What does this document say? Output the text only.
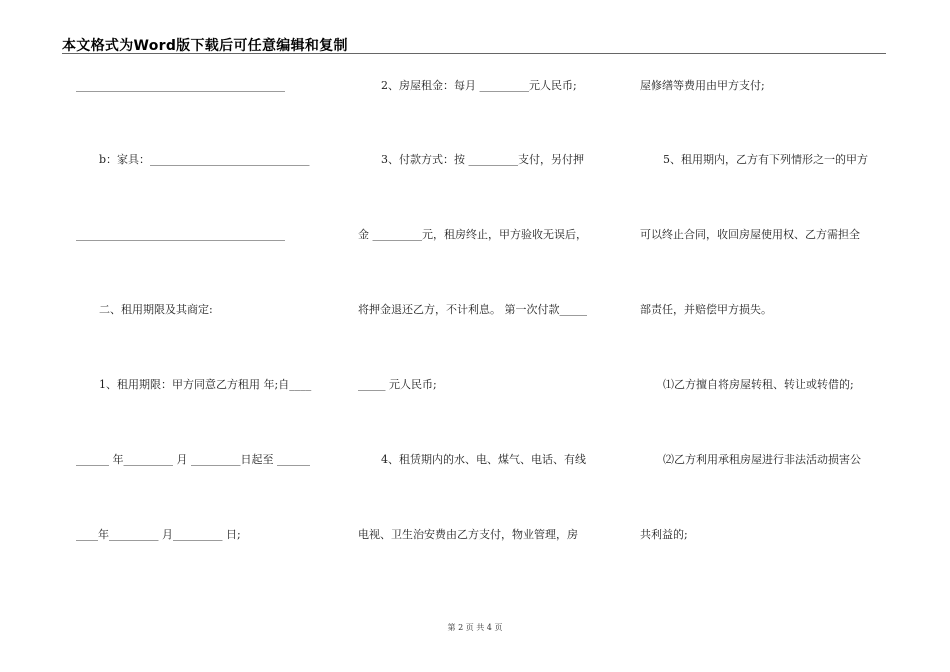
本文格式为Word版下载后可任意编辑和复制
______________________________________
b：家具：_____________________________
______________________________________
二、租用期限及其商定:
1、租用期限：甲方同意乙方租用 年;自____
______ 年_________ 月 _________日起至 ______
____年_________ 月_________ 日;
2、房屋租金：每月 _________元人民币;
3、付款方式：按 _________支付，另付押
金 _________元，租房终止，甲方验收无误后，
将押金退还乙方，不计利息。 第一次付款_____
_____ 元人民币;
4、租赁期内的水、电、煤气、电话、有线
电视、卫生治安费由乙方支付，物业管理，房
屋修缮等费用由甲方支付;
5、租用期内，乙方有下列情形之一的甲方
可以终止合同，收回房屋使用权、乙方需担全
部责任，并赔偿甲方损失。
⑴乙方擅自将房屋转租、转让或转借的;
⑵乙方利用承租房屋进行非法活动损害公
共利益的;
第 2 页 共 4 页
